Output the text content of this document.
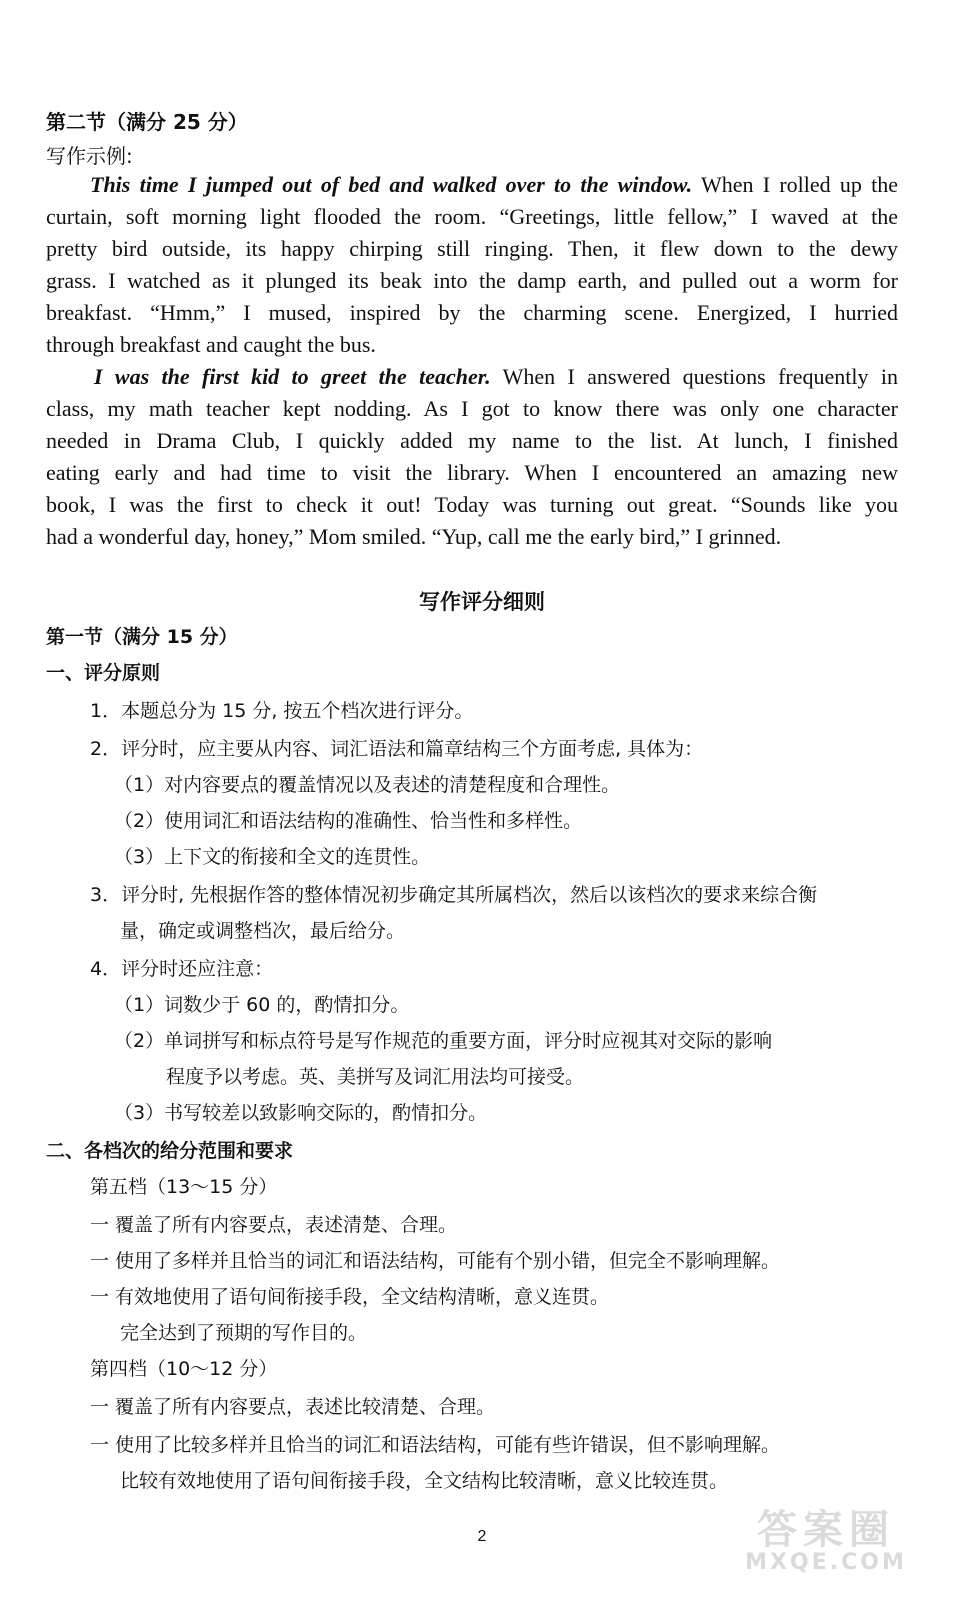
第二节（满分 25 分）
写作示例:
This time I jumped out of bed and walked over to the window. When I rolled up the
curtain, soft morning light flooded the room. “Greetings, little fellow,” I waved at the
pretty bird outside, its happy chirping still ringing. Then, it flew down to the dewy
grass. I watched as it plunged its beak into the damp earth, and pulled out a worm for
breakfast. “Hmm,” I mused, inspired by the charming scene. Energized, I hurried
through breakfast and caught the bus.
I was the first kid to greet the teacher. When I answered questions frequently in
class, my math teacher kept nodding. As I got to know there was only one character
needed in Drama Club, I quickly added my name to the list. At lunch, I finished
eating early and had time to visit the library. When I encountered an amazing new
book, I was the first to check it out! Today was turning out great. “Sounds like you
had a wonderful day, honey,” Mom smiled. “Yup, call me the early bird,” I grinned.
写作评分细则
第一节（满分 15 分）
一、评分原则
1．本题总分为 15 分, 按五个档次进行评分。
2．评分时，应主要从内容、词汇语法和篇章结构三个方面考虑, 具体为：
（1）对内容要点的覆盖情况以及表述的清楚程度和合理性。
（2）使用词汇和语法结构的准确性、恰当性和多样性。
（3）上下文的衔接和全文的连贯性。
3．评分时, 先根据作答的整体情况初步确定其所属档次，然后以该档次的要求来综合衡
量，确定或调整档次，最后给分。
4．评分时还应注意：
（1）词数少于 60 的，酌情扣分。
（2）单词拼写和标点符号是写作规范的重要方面，评分时应视其对交际的影响
程度予以考虑。英、美拼写及词汇用法均可接受。
（3）书写较差以致影响交际的，酌情扣分。
二、各档次的给分范围和要求
第五档（13～15 分）
一 覆盖了所有内容要点，表述清楚、合理。
一 使用了多样并且恰当的词汇和语法结构，可能有个别小错，但完全不影响理解。
一 有效地使用了语句间衔接手段，全文结构清晰，意义连贯。
完全达到了预期的写作目的。
第四档（10～12 分）
一 覆盖了所有内容要点，表述比较清楚、合理。
一 使用了比较多样并且恰当的词汇和语法结构，可能有些许错误，但不影响理解。
比较有效地使用了语句间衔接手段，全文结构比较清晰，意义比较连贯。
2	答案圈
MXQE.COM
